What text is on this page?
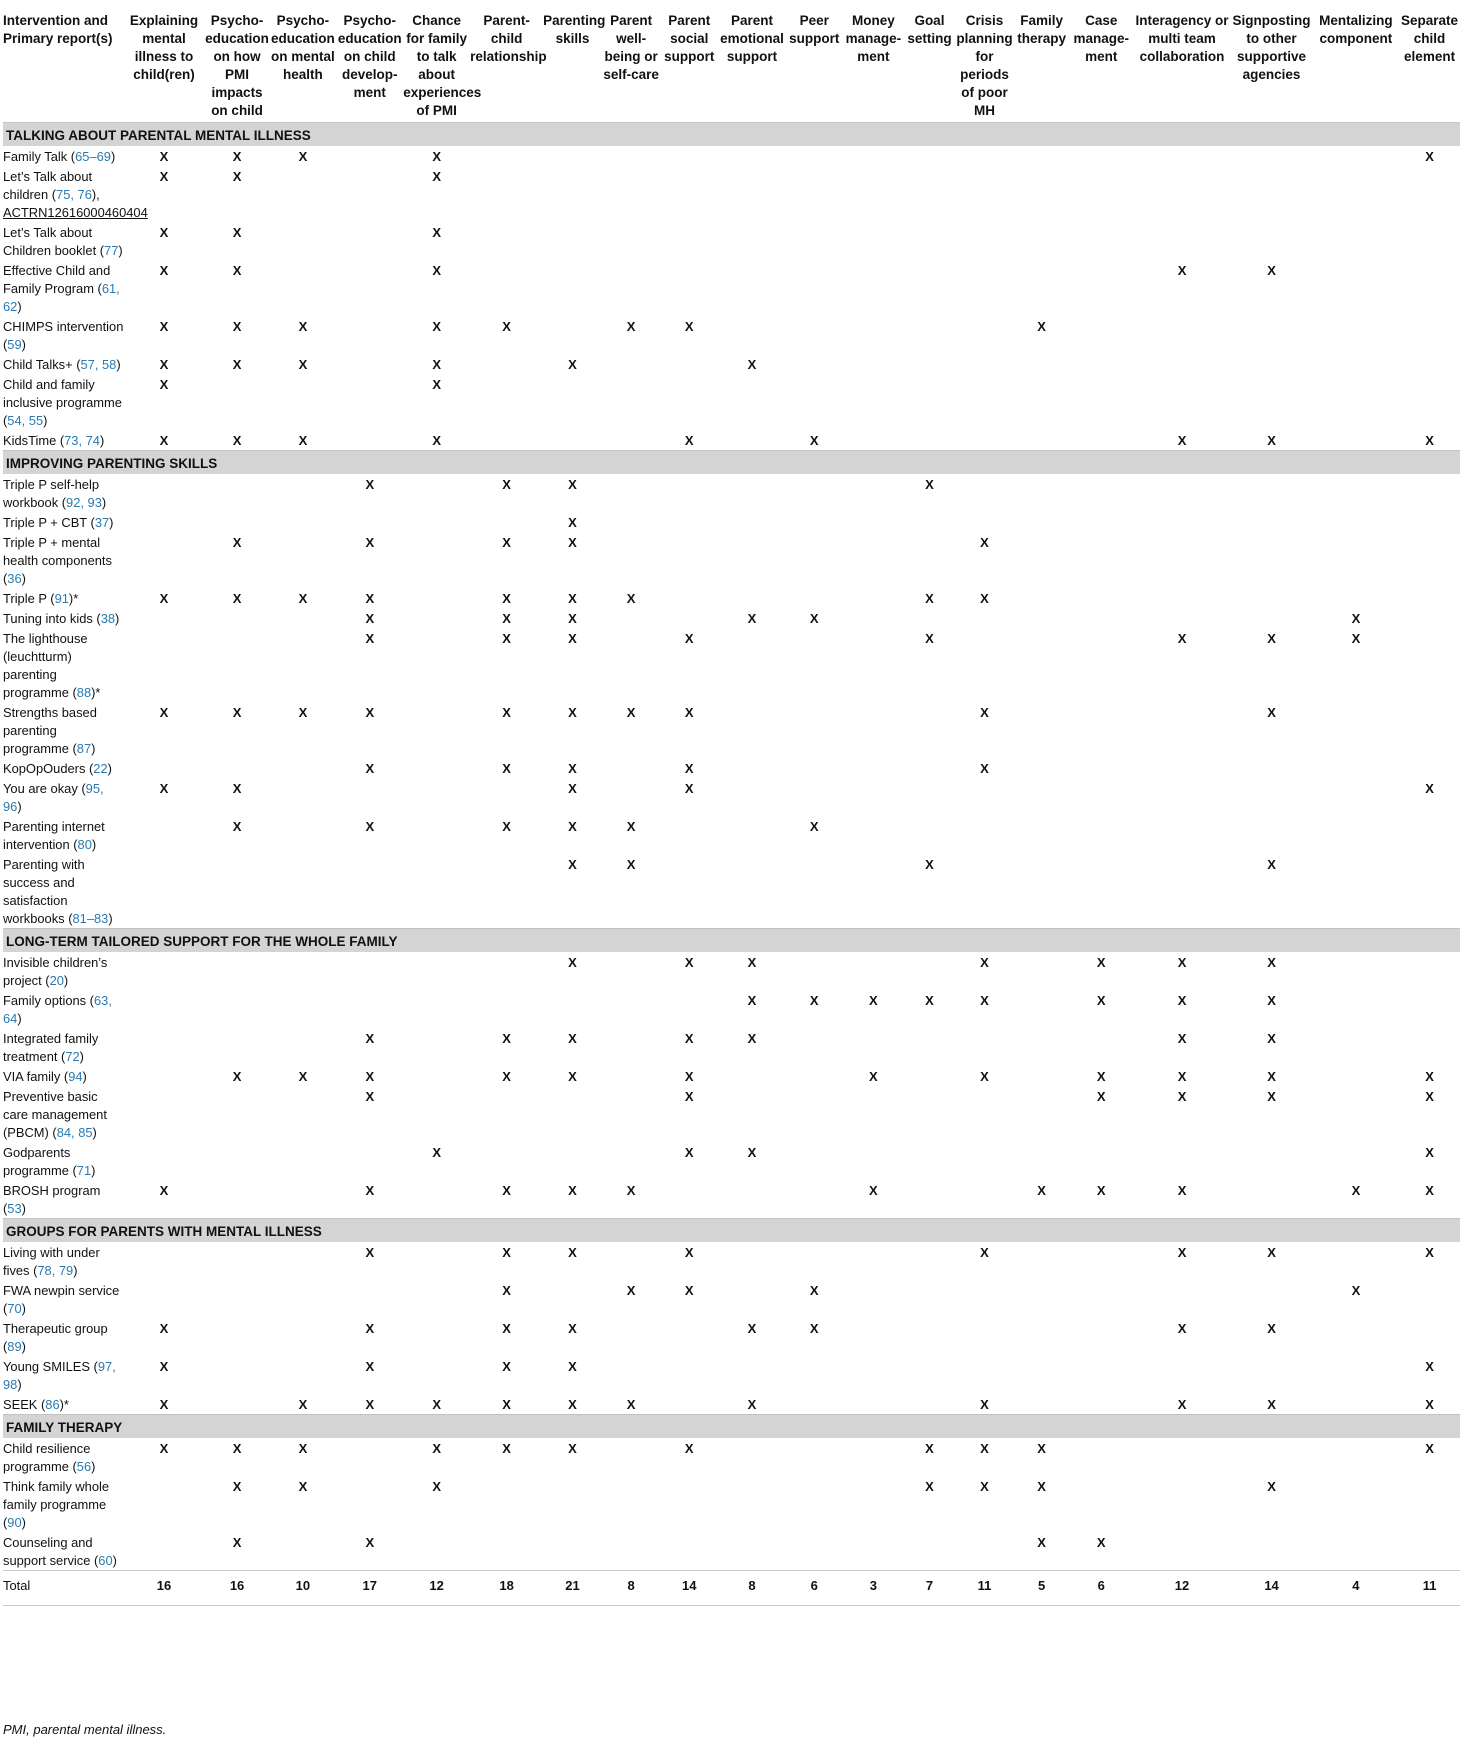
Intervention and Primary report(s)	Explaining mental illness to child(ren)	Psycho-education on how PMI impacts on child	Psycho-education on mental health	Psycho-education on child develop-ment	Chance for family to talk about experiences of PMI	Parent-child relationship	Parenting skills	Parent well-being or self-care	Parent social support	Parent emotional support	Peer support	Money manage-ment	Goal setting	Crisis planning for periods of poor MH	Family therapy	Case manage-ment	Interagency or multi team collaboration	Signposting to other supportive agencies	Mentalizing component	Separate child element
TALKING ABOUT PARENTAL MENTAL ILLNESS																				
Family Talk (65–69)	X	X	X		X															X
Let’s Talk about children (75, 76),
ACTRN12616000460404	X	X			X															
Let’s Talk about Children booklet (77)	X	X			X															
Effective Child and Family Program (61, 62)	X	X			X												X	X		
CHIMPS intervention (59)	X	X	X		X	X		X	X						X					
Child Talks+ (57, 58)	X	X	X		X		X			X										
Child and family inclusive programme (54, 55)	X				X															
KidsTime (73, 74)	X	X	X		X				X		X						X	X		X
IMPROVING PARENTING SKILLS																				
Triple P self-help workbook (92, 93)				X		X	X						X							
Triple P + CBT (37)							X													
Triple P + mental health components (36)		X		X		X	X							X						
Triple P (91)*	X	X	X	X		X	X	X					X	X						
Tuning into kids (38)				X		X	X			X	X								X	
The lighthouse (leuchtturm) parenting programme (88)*				X		X	X		X				X				X	X	X	
Strengths based parenting programme (87)	X	X	X	X		X	X	X	X					X				X		
KopOpOuders (22)				X		X	X		X					X						
You are okay (95, 96)	X	X					X		X											X
Parenting internet intervention (80)		X		X		X	X	X			X									
Parenting with success and satisfaction workbooks (81–83)							X	X					X					X		
LONG-TERM TAILORED SUPPORT FOR THE WHOLE FAMILY																				
Invisible children’s project (20)							X		X	X				X		X	X	X		
Family options (63, 64)										X	X	X	X	X		X	X	X		
Integrated family treatment (72)				X		X	X		X	X							X	X		
VIA family (94)		X	X	X		X	X		X			X		X		X	X	X		X
Preventive basic care management (PBCM) (84, 85)				X					X							X	X	X		X
Godparents programme (71)					X				X	X										X
BROSH program (53)	X			X		X	X	X				X			X	X	X		X	X
GROUPS FOR PARENTS WITH MENTAL ILLNESS																				
Living with under fives (78, 79)				X		X	X		X					X			X	X		X
FWA newpin service (70)						X		X	X		X								X	
Therapeutic group (89)	X			X		X	X			X	X						X	X		
Young SMILES (97, 98)	X			X		X	X													X
SEEK (86)*	X		X	X	X	X	X	X		X				X			X	X		X
FAMILY THERAPY																				
Child resilience programme (56)	X	X	X		X	X	X		X				X	X	X					X
Think family whole family programme (90)		X	X		X								X	X	X			X		
Counseling and support service (60)		X		X											X	X				
Total	16	16	10	17	12	18	21	8	14	8	6	3	7	11	5	6	12	14	4	11
PMI, parental mental illness.
